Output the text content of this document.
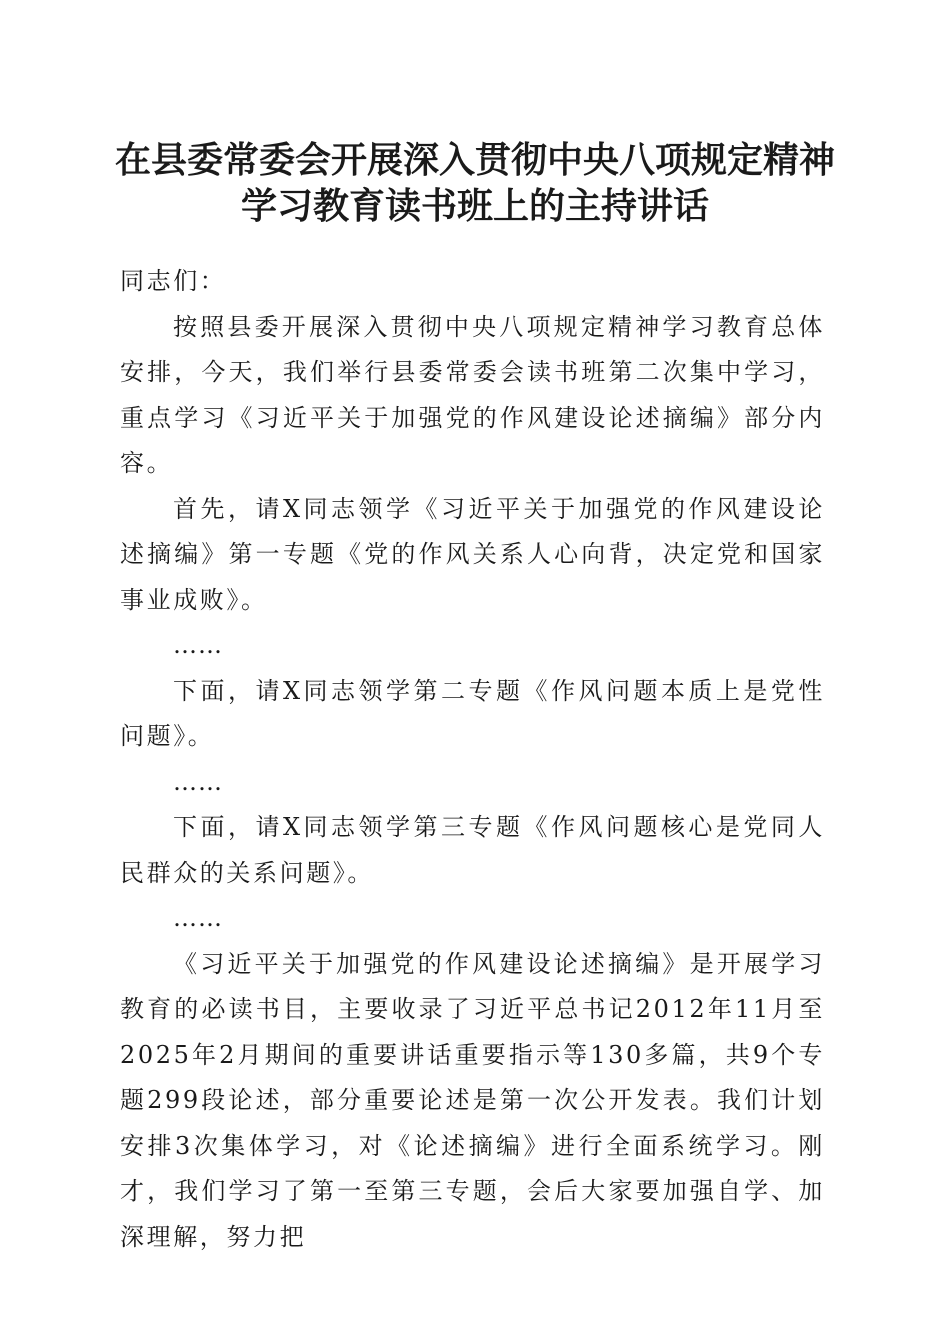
在县委常委会开展深入贯彻中央八项规定精神
学习教育读书班上的主持讲话

同志们：

按照县委开展深入贯彻中央八项规定精神学习教育总体安排，今天，我们举行县委常委会读书班第二次集中学习，重点学习《习近平关于加强党的作风建设论述摘编》部分内容。

首先，请X同志领学《习近平关于加强党的作风建设论述摘编》第一专题《党的作风关系人心向背，决定党和国家事业成败》。

……

下面，请X同志领学第二专题《作风问题本质上是党性问题》。

……

下面，请X同志领学第三专题《作风问题核心是党同人民群众的关系问题》。

……

《习近平关于加强党的作风建设论述摘编》是开展学习教育的必读书目，主要收录了习近平总书记2012年11月至2025年2月期间的重要讲话重要指示等130多篇，共9个专题299段论述，部分重要论述是第一次公开发表。我们计划安排3次集体学习，对《论述摘编》进行全面系统学习。刚才，我们学习了第一至第三专题，会后大家要加强自学、加深理解，努力把
